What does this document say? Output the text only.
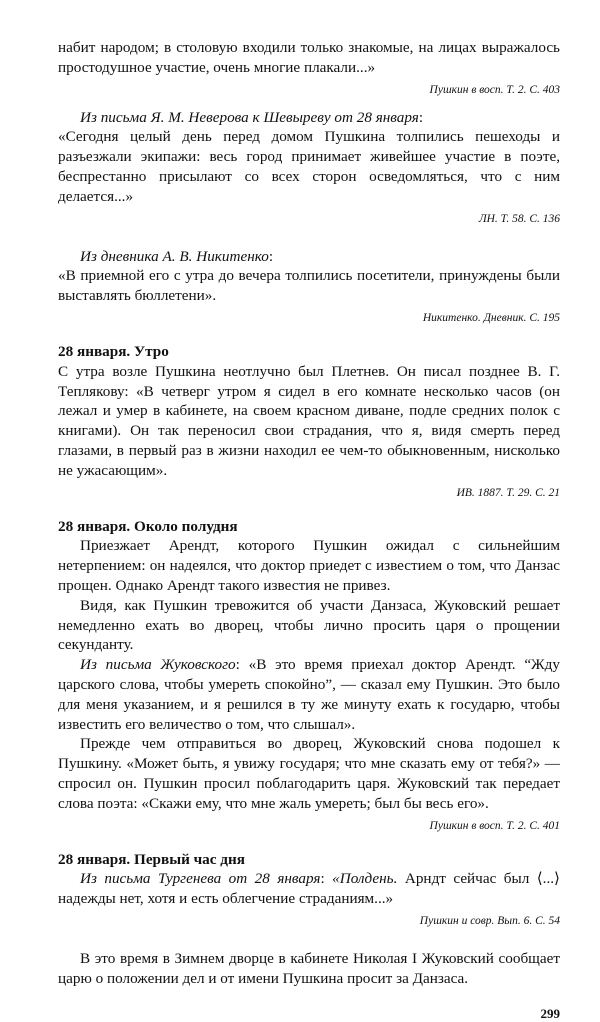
набит народом; в столовую входили только знакомые, на лицах выражалось простодушное участие, очень многие плакали...»

Пушкин в восп. Т. 2. С. 403

Из письма Я. М. Неверова к Шевырeву от 28 января:

«Сегодня целый день перед домом Пушкина толпились пешеходы и разъезжали экипажи: весь город принимает живейшее участие в поэте, беспрестанно присылают со всех сторон осведомляться, что с ним делается...»

ЛН. Т. 58. С. 136

Из дневника А. В. Никитенко:

«В приемной его с утра до вечера толпились посетители, принуждены были выставлять бюллетени».

Никитенко. Дневник. С. 195

28 января. Утро

С утра возле Пушкина неотлучно был Плетнев. Он писал позднее В. Г. Теплякову: «В четверг утром я сидел в его комнате несколько часов (он лежал и умер в кабинете, на своем красном диване, подле средних полок с книгами). Он так переносил свои страдания, что я, видя смерть перед глазами, в первый раз в жизни находил ее чем-то обыкновенным, нисколько не ужасающим».

ИВ. 1887. Т. 29. С. 21

28 января. Около полудня

Приезжает Арендт, которого Пушкин ожидал с сильнейшим нетерпением: он надеялся, что доктор приедет с известием о том, что Данзас прощен. Однако Арендт такого известия не привез.

Видя, как Пушкин тревожится об участи Данзаса, Жуковский решает немедленно ехать во дворец, чтобы лично просить царя о прощении секунданту.

Из письма Жуковского: «В это время приехал доктор Арендт. “Жду царского слова, чтобы умереть спокойно”, — сказал ему Пушкин. Это было для меня указанием, и я решился в ту же минуту ехать к государю, чтобы известить его величество о том, что слышал».

Прежде чем отправиться во дворец, Жуковский снова подошел к Пушкину. «Может быть, я увижу государя; что мне сказать ему от тебя?» — спросил он. Пушкин просил поблагодарить царя. Жуковский так передает слова поэта: «Скажи ему, что мне жаль умереть; был бы весь его».

Пушкин в восп. Т. 2. С. 401

28 января. Первый час дня

Из письма Тургенева от 28 января: «Полдень. Арндт сейчас был ⟨...⟩ надежды нет, хотя и есть облегчение страданиям...»

Пушкин и совр. Вып. 6. С. 54

В это время в Зимнем дворце в кабинете Николая I Жуковский сообщает царю о положении дел и от имени Пушкина просит за Данзаса.

299
